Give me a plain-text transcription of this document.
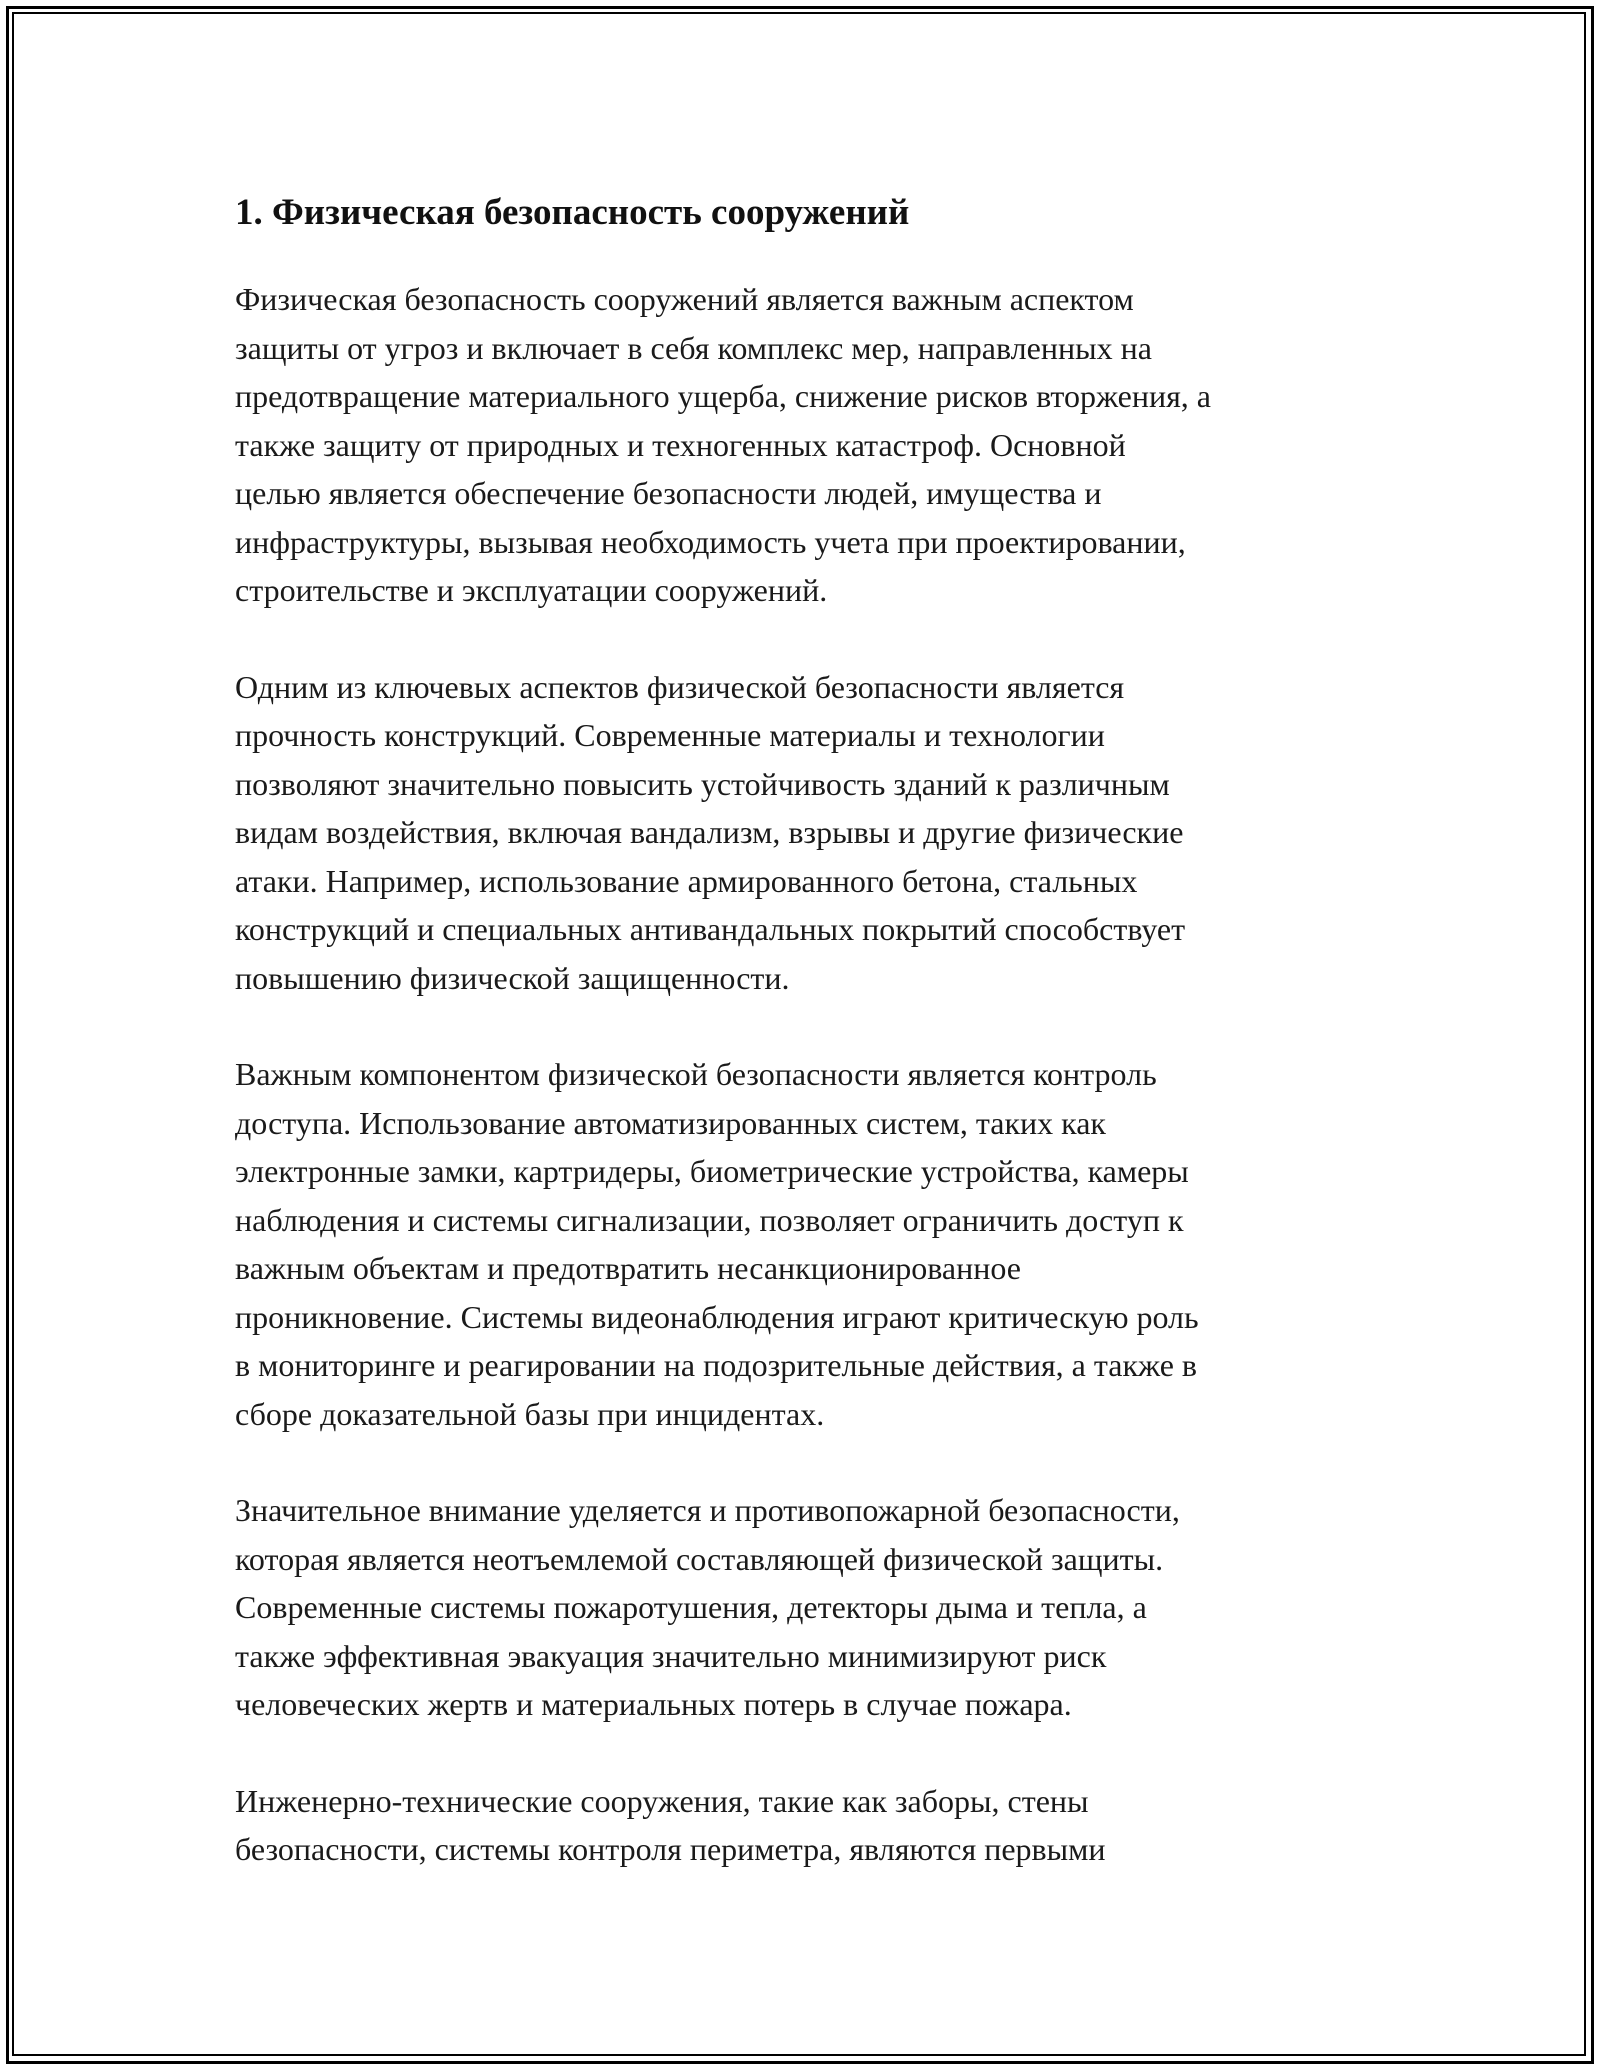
1. Физическая безопасность сооружений

Физическая безопасность сооружений является важным аспектом
защиты от угроз и включает в себя комплекс мер, направленных на
предотвращение материального ущерба, снижение рисков вторжения, а
также защиту от природных и техногенных катастроф. Основной
целью является обеспечение безопасности людей, имущества и
инфраструктуры, вызывая необходимость учета при проектировании,
строительстве и эксплуатации сооружений.

Одним из ключевых аспектов физической безопасности является
прочность конструкций. Современные материалы и технологии
позволяют значительно повысить устойчивость зданий к различным
видам воздействия, включая вандализм, взрывы и другие физические
атаки. Например, использование армированного бетона, стальных
конструкций и специальных антивандальных покрытий способствует
повышению физической защищенности.

Важным компонентом физической безопасности является контроль
доступа. Использование автоматизированных систем, таких как
электронные замки, картридеры, биометрические устройства, камеры
наблюдения и системы сигнализации, позволяет ограничить доступ к
важным объектам и предотвратить несанкционированное
проникновение. Системы видеонаблюдения играют критическую роль
в мониторинге и реагировании на подозрительные действия, а также в
сборе доказательной базы при инцидентах.

Значительное внимание уделяется и противопожарной безопасности,
которая является неотъемлемой составляющей физической защиты.
Современные системы пожаротушения, детекторы дыма и тепла, а
также эффективная эвакуация значительно минимизируют риск
человеческих жертв и материальных потерь в случае пожара.

Инженерно-технические сооружения, такие как заборы, стены
безопасности, системы контроля периметра, являются первыми
